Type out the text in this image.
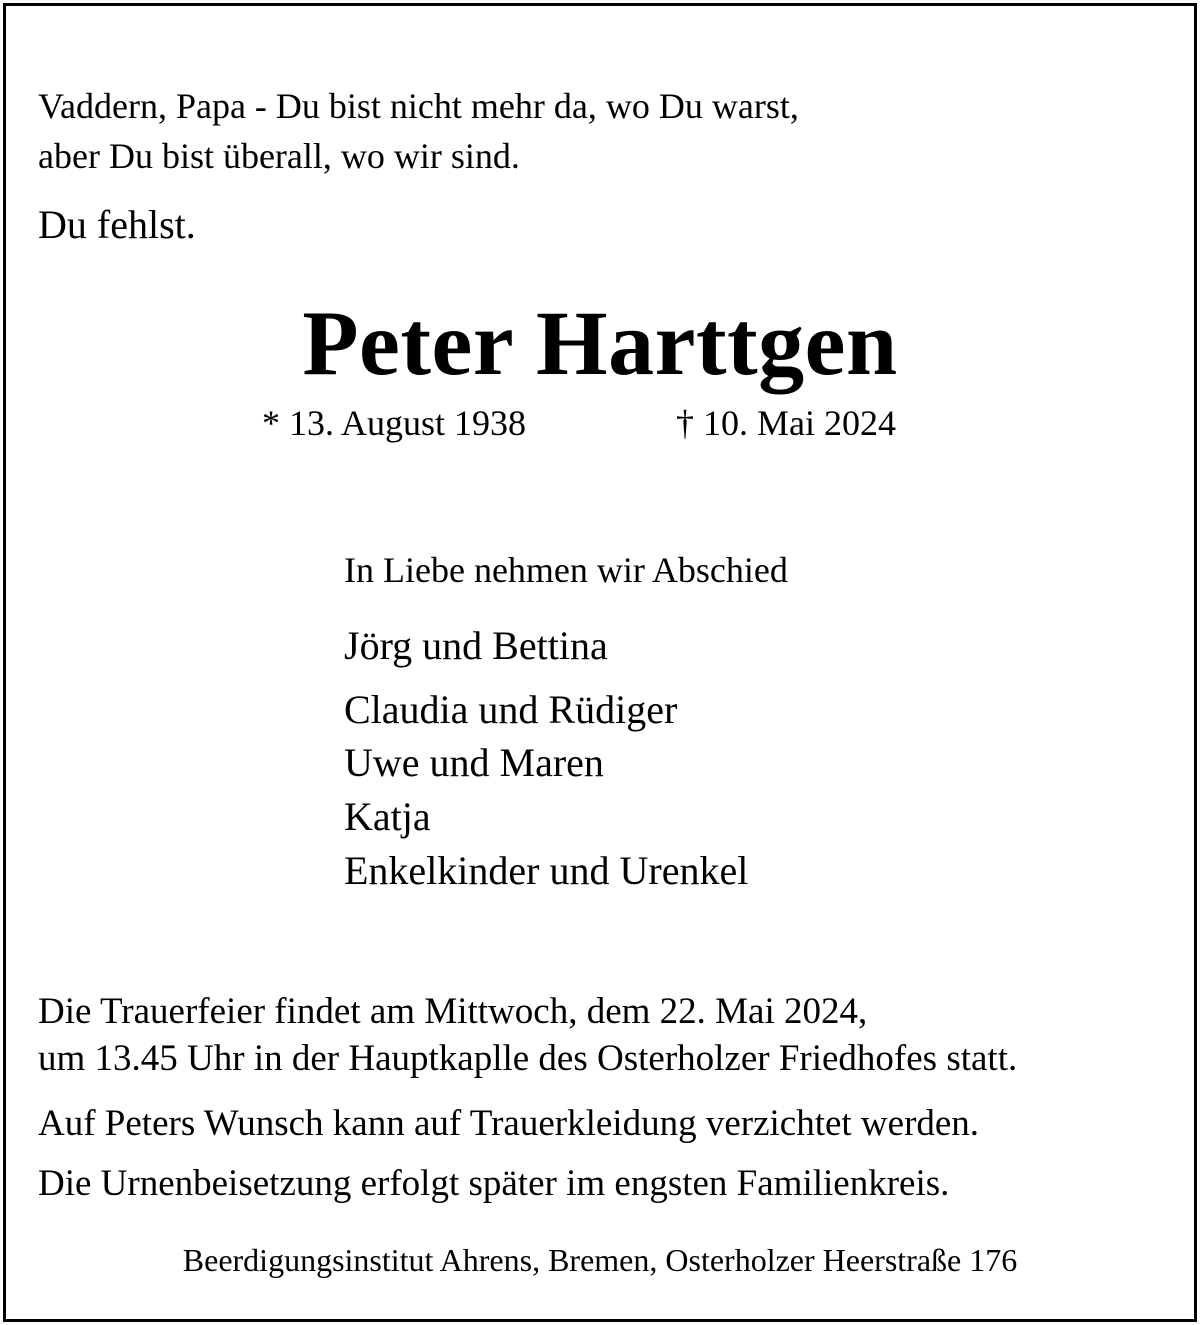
Vaddern, Papa - Du bist nicht mehr da, wo Du warst,
aber Du bist überall, wo wir sind.
Du fehlst.
Peter Harttgen
* 13. August 1938	† 10. Mai 2024
In Liebe nehmen wir Abschied
Jörg und Bettina
Claudia und Rüdiger
Uwe und Maren
Katja
Enkelkinder und Urenkel
Die Trauerfeier findet am Mittwoch, dem 22. Mai 2024,
um 13.45 Uhr in der Hauptkaplle des Osterholzer Friedhofes statt.
Auf Peters Wunsch kann auf Trauerkleidung verzichtet werden.
Die Urnenbeisetzung erfolgt später im engsten Familienkreis.
Beerdigungsinstitut Ahrens, Bremen, Osterholzer Heerstraße 176
